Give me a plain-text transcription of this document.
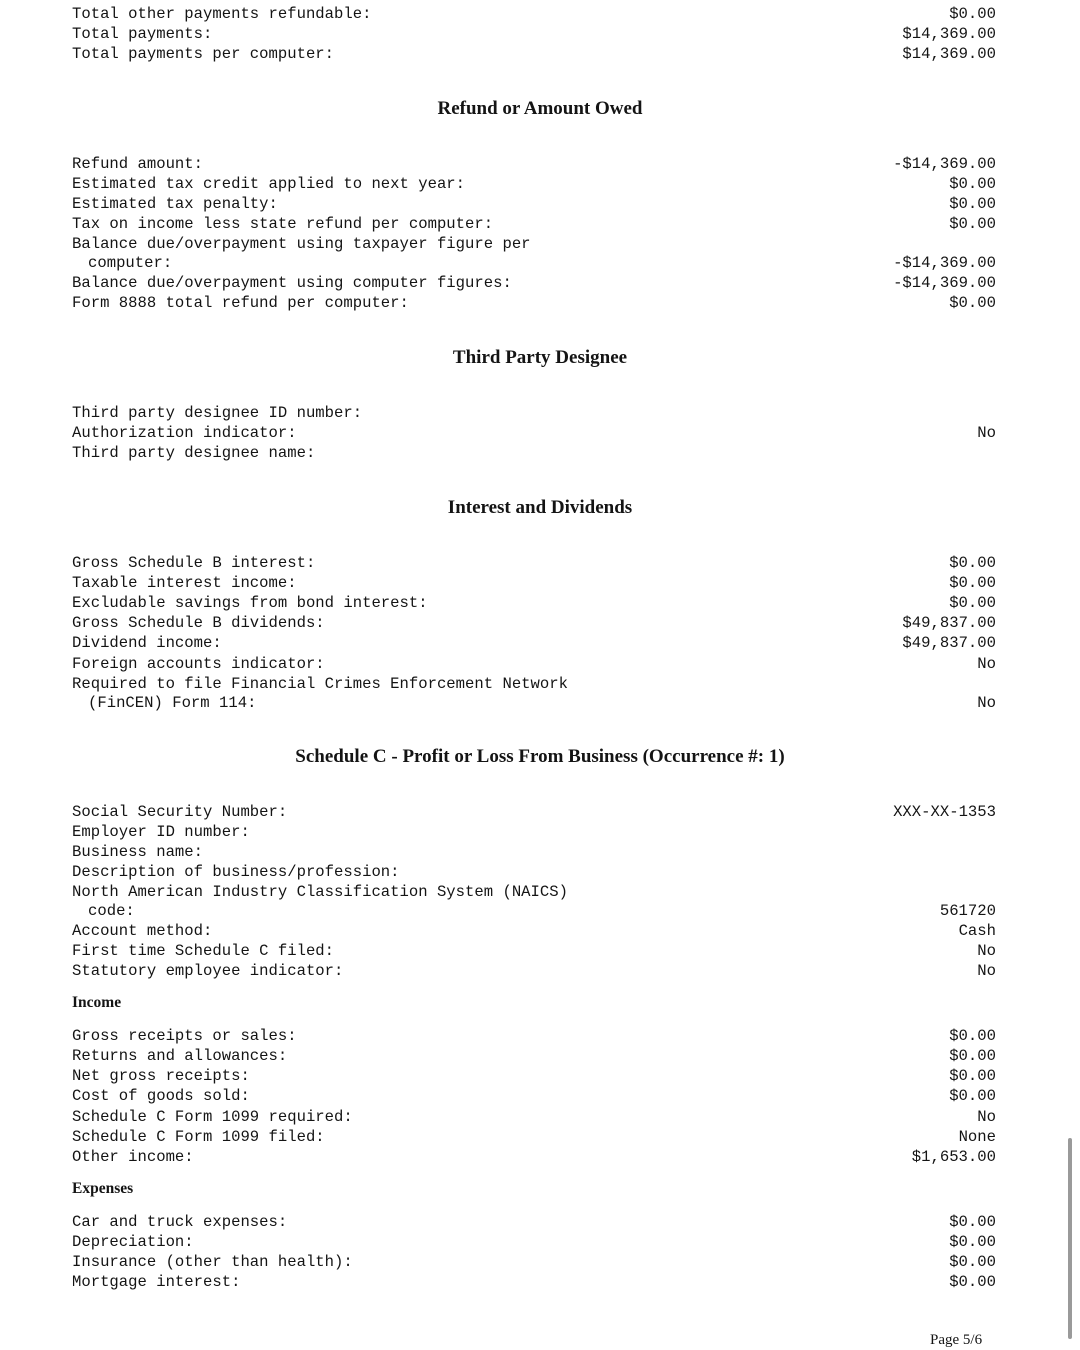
Total other payments refundable:	$0.00
Total payments:	$14,369.00
Total payments per computer:	$14,369.00
Refund or Amount Owed
Refund amount:	-$14,369.00
Estimated tax credit applied to next year:	$0.00
Estimated tax penalty:	$0.00
Tax on income less state refund per computer:	$0.00
Balance due/overpayment using taxpayer figure per
computer:	-$14,369.00
Balance due/overpayment using computer figures:	-$14,369.00
Form 8888 total refund per computer:	$0.00
Third Party Designee
Third party designee ID number:
Authorization indicator:	No
Third party designee name:
Interest and Dividends
Gross Schedule B interest:	$0.00
Taxable interest income:	$0.00
Excludable savings from bond interest:	$0.00
Gross Schedule B dividends:	$49,837.00
Dividend income:	$49,837.00
Foreign accounts indicator:	No
Required to file Financial Crimes Enforcement Network
(FinCEN) Form 114:	No
Schedule C - Profit or Loss From Business (Occurrence #: 1)
Social Security Number:	XXX-XX-1353
Employer ID number:
Business name:
Description of business/profession:
North American Industry Classification System (NAICS)
code:	561720
Account method:	Cash
First time Schedule C filed:	No
Statutory employee indicator:	No
Income
Gross receipts or sales:	$0.00
Returns and allowances:	$0.00
Net gross receipts:	$0.00
Cost of goods sold:	$0.00
Schedule C Form 1099 required:	No
Schedule C Form 1099 filed:	None
Other income:	$1,653.00
Expenses
Car and truck expenses:	$0.00
Depreciation:	$0.00
Insurance (other than health):	$0.00
Mortgage interest:	$0.00
Page 5/6
